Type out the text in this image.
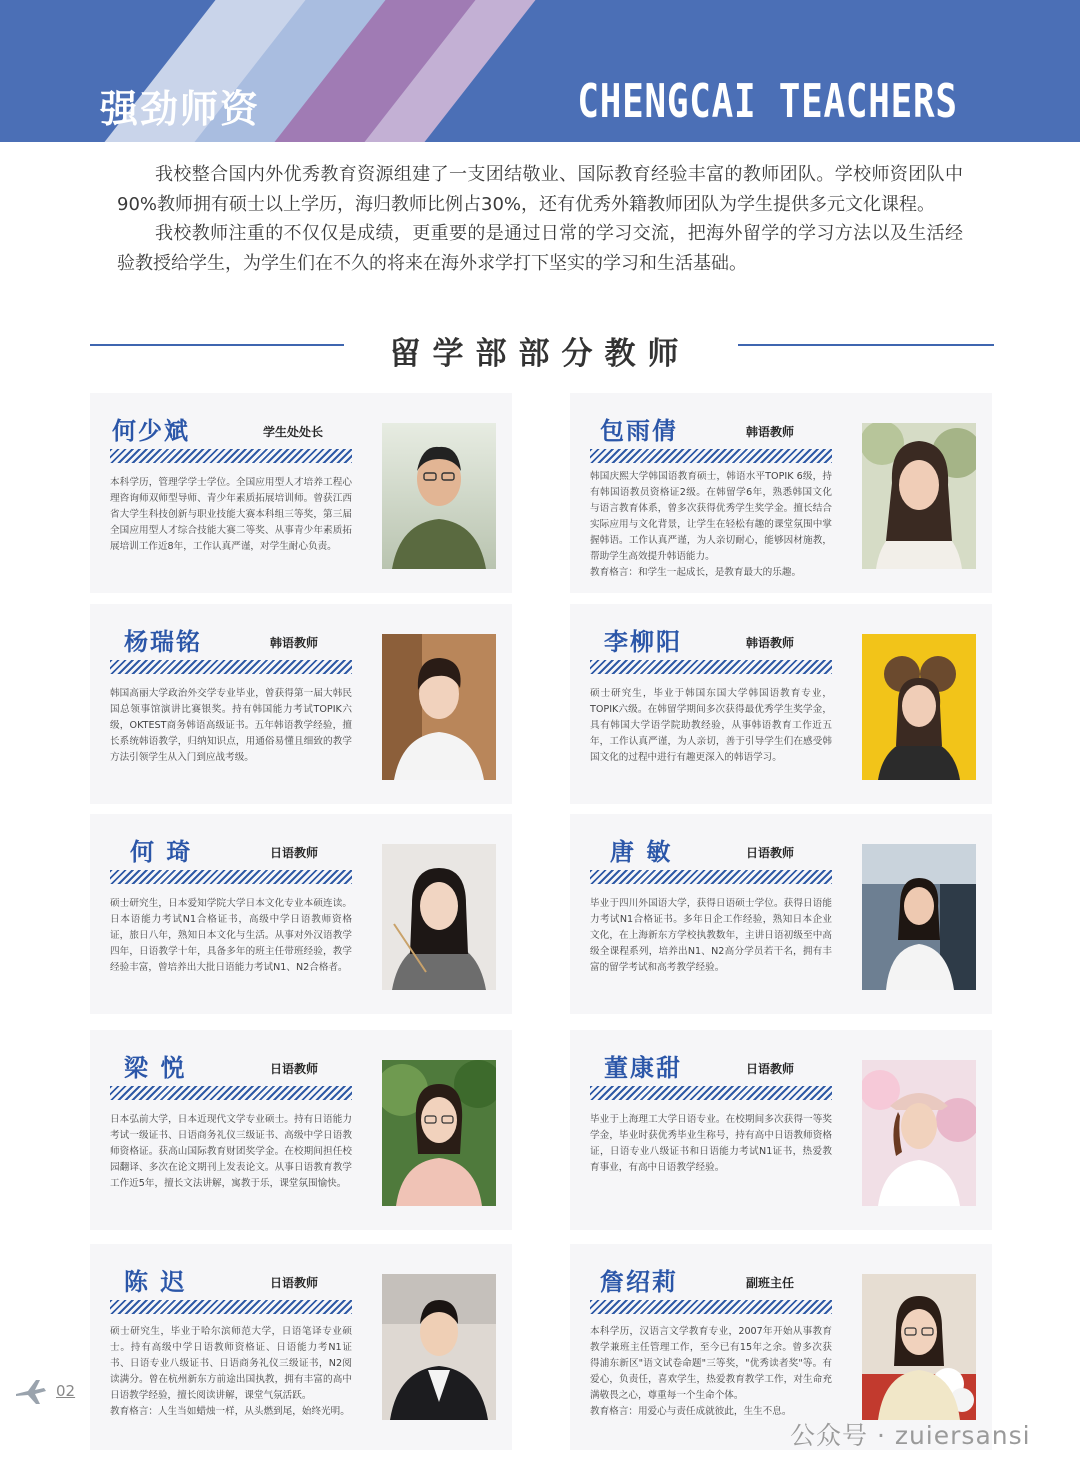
强劲师资	CHENGCAI TEACHERS

我校整合国内外优秀教育资源组建了一支团结敬业、国际教育经验丰富的教师团队。学校师资团队中90%教师拥有硕士以上学历，海归教师比例占30%，还有优秀外籍教师团队为学生提供多元文化课程。

我校教师注重的不仅仅是成绩，更重要的是通过日常的学习交流，把海外留学的学习方法以及生活经验教授给学生，为学生们在不久的将来在海外求学打下坚实的学习和生活基础。

留学部部分教师
何少斌	学生处处长
本科学历，管理学学士学位。全国应用型人才培养工程心理咨询师双师型导师、青少年素质拓展培训师。曾获江西省大学生科技创新与职业技能大赛本科组三等奖，第三届全国应用型人才综合技能大赛二等奖、从事青少年素质拓展培训工作近8年，工作认真严谨，对学生耐心负责。
包雨倩	韩语教师
韩国庆熙大学韩国语教育硕士，韩语水平TOPIK 6级，持有韩国语教员资格证2级。在韩留学6年，熟悉韩国文化与语言教育体系，曾多次获得优秀学生奖学金。擅长结合实际应用与文化背景，让学生在轻松有趣的课堂氛围中掌握韩语。工作认真严谨，为人亲切耐心，能够因材施教，帮助学生高效提升韩语能力。
教育格言：和学生一起成长，是教育最大的乐趣。
杨瑞铭	韩语教师
韩国高丽大学政治外交学专业毕业，曾获得第一届大韩民国总领事馆演讲比赛银奖。持有韩国能力考试TOPIK六级，OKTEST商务韩语高级证书。五年韩语教学经验，擅长系统韩语教学，归纳知识点，用通俗易懂且细致的教学方法引领学生从入门到应战考级。
李柳阳	韩语教师
硕士研究生，毕业于韩国东国大学韩国语教育专业，TOPIK六级。在韩留学期间多次获得最优秀学生奖学金，具有韩国大学语学院助教经验，从事韩语教育工作近五年，工作认真严谨，为人亲切，善于引导学生们在感受韩国文化的过程中进行有趣更深入的韩语学习。
何 琦	日语教师
硕士研究生，日本爱知学院大学日本文化专业本硕连读。日本语能力考试N1合格证书，高级中学日语教师资格证，旅日八年，熟知日本文化与生活。从事对外汉语教学四年，日语教学十年，具备多年的班主任带班经验，教学经验丰富，曾培养出大批日语能力考试N1、N2合格者。
唐 敏	日语教师
毕业于四川外国语大学，获得日语硕士学位。获得日语能力考试N1合格证书。多年日企工作经验，熟知日本企业文化，在上海新东方学校执教数年，主讲日语初级至中高级全课程系列，培养出N1、N2高分学员若干名，拥有丰富的留学考试和高考教学经验。
梁 悦	日语教师
日本弘前大学，日本近现代文学专业硕士。持有日语能力考试一级证书、日语商务礼仪三级证书、高级中学日语教师资格证。获高山国际教育财团奖学金。在校期间担任校园翻译、多次在论文期刊上发表论文。从事日语教育教学工作近5年，擅长文法讲解，寓教于乐，课堂氛围愉快。
董康甜	日语教师
毕业于上海理工大学日语专业。在校期间多次获得一等奖学金，毕业时获优秀毕业生称号，持有高中日语教师资格证，日语专业八级证书和日语能力考试N1证书，热爱教育事业，有高中日语教学经验。
陈 迟	日语教师
硕士研究生，毕业于哈尔滨师范大学，日语笔译专业硕士。持有高级中学日语教师资格证、日语能力考N1证书、日语专业八级证书、日语商务礼仪三级证书，N2阅读满分。曾在杭州新东方前途出国执教，拥有丰富的高中日语教学经验，擅长阅读讲解，课堂气氛活跃。
教育格言：人生当如蜡烛一样，从头燃到尾，始终光明。
詹绍莉	副班主任
本科学历，汉语言文学教育专业，2007年开始从事教育教学兼班主任管理工作，至今已有15年之余。曾多次获得浦东新区"语文试卷命题"三等奖，"优秀读者奖"等。有爱心，负责任，喜欢学生，热爱教育教学工作，对生命充满敬畏之心，尊重每一个生命个体。
教育格言：用爱心与责任成就彼此，生生不息。
02
公众号 · zuiersansi
